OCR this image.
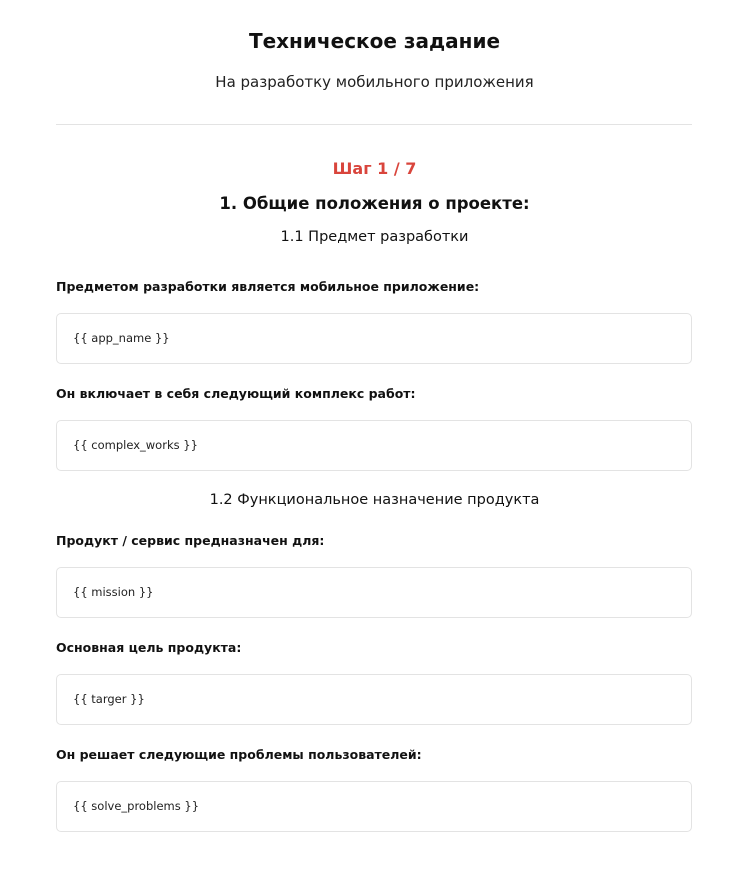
Техническое задание
На разработку мобильного приложения
Шаг 1 / 7
1. Общие положения о проекте:
1.1 Предмет разработки
Предметом разработки является мобильное приложение:
{{ app_name }}
Он включает в себя следующий комплекс работ:
{{ complex_works }}
1.2 Функциональное назначение продукта
Продукт / сервис предназначен для:
{{ mission }}
Основная цель продукта:
{{ targer }}
Он решает следующие проблемы пользователей:
{{ solve_problems }}
